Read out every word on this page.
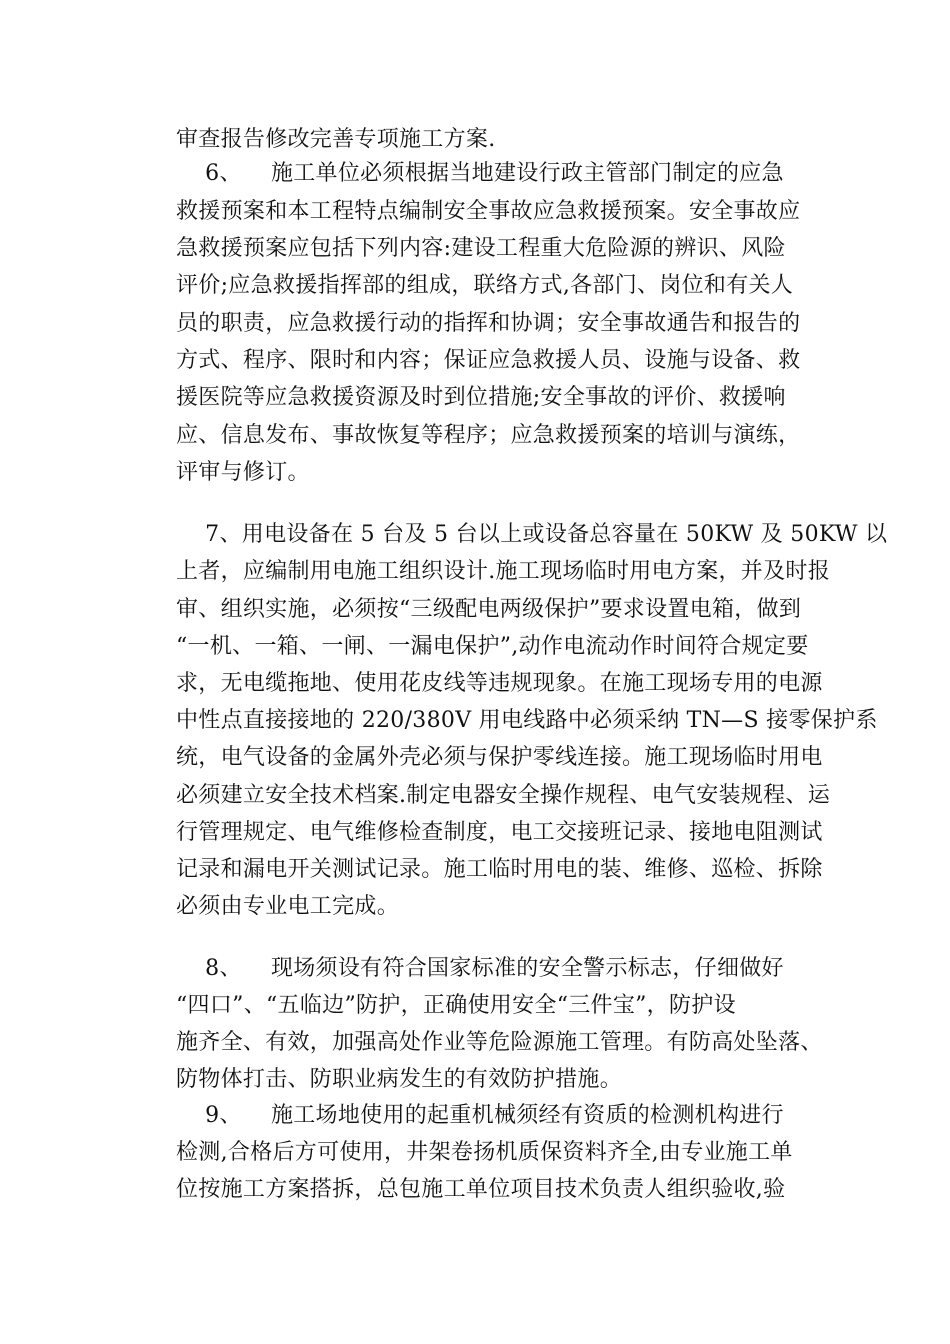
审查报告修改完善专项施工方案.
6、    施工单位必须根据当地建设行政主管部门制定的应急
救援预案和本工程特点编制安全事故应急救援预案。安全事故应
急救援预案应包括下列内容:建设工程重大危险源的辨识、风险
评价;应急救援指挥部的组成，联络方式,各部门、岗位和有关人
员的职责，应急救援行动的指挥和协调；安全事故通告和报告的
方式、程序、限时和内容；保证应急救援人员、设施与设备、救
援医院等应急救援资源及时到位措施;安全事故的评价、救援响
应、信息发布、事故恢复等程序；应急救援预案的培训与演练，
评审与修订。
7、用电设备在 5 台及 5 台以上或设备总容量在 50KW 及 50KW 以
上者，应编制用电施工组织设计.施工现场临时用电方案，并及时报
审、组织实施，必须按“三级配电两级保护”要求设置电箱，做到
“一机、一箱、一闸、一漏电保护”,动作电流动作时间符合规定要
求，无电缆拖地、使用花皮线等违规现象。在施工现场专用的电源
中性点直接接地的 220/380V 用电线路中必须采纳 TN—S 接零保护系
统，电气设备的金属外壳必须与保护零线连接。施工现场临时用电
必须建立安全技术档案.制定电器安全操作规程、电气安装规程、运
行管理规定、电气维修检查制度，电工交接班记录、接地电阻测试
记录和漏电开关测试记录。施工临时用电的装、维修、巡检、拆除
必须由专业电工完成。
8、    现场须设有符合国家标准的安全警示标志，仔细做好
“四口”、“五临边”防护，正确使用安全“三件宝”，防护设
施齐全、有效，加强高处作业等危险源施工管理。有防高处坠落、
防物体打击、防职业病发生的有效防护措施。
9、    施工场地使用的起重机械须经有资质的检测机构进行
检测,合格后方可使用，井架卷扬机质保资料齐全,由专业施工单
位按施工方案搭拆，总包施工单位项目技术负责人组织验收,验
